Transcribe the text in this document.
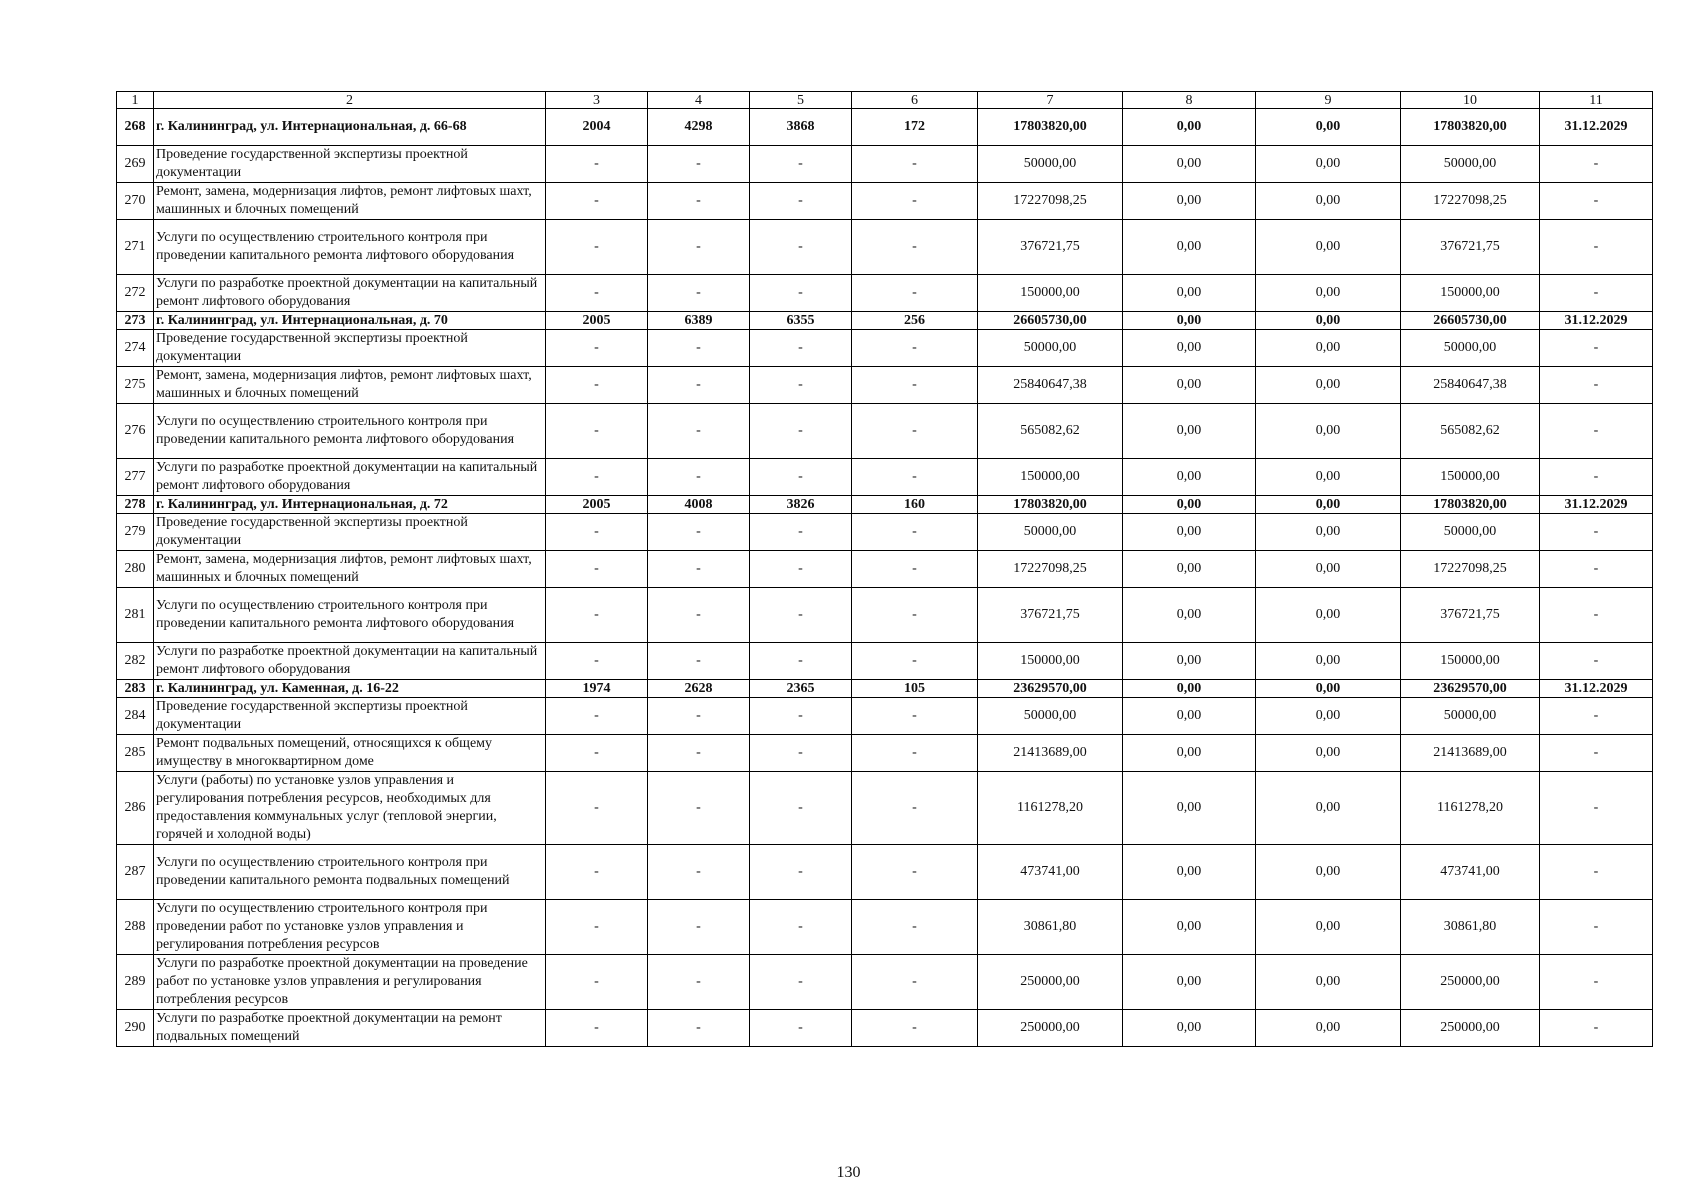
1	2	3	4	5	6	7	8	9	10	11
268	г. Калининград, ул. Интернациональная, д. 66-68	2004	4298	3868	172	17803820,00	0,00	0,00	17803820,00	31.12.2029
269	Проведение государственной экспертизы проектной документации	-	-	-	-	50000,00	0,00	0,00	50000,00	-
270	Ремонт, замена, модернизация лифтов, ремонт лифтовых шахт, машинных и блочных помещений	-	-	-	-	17227098,25	0,00	0,00	17227098,25	-
271	Услуги по осуществлению строительного контроля при проведении капитального ремонта лифтового оборудования	-	-	-	-	376721,75	0,00	0,00	376721,75	-
272	Услуги по разработке проектной документации на капитальный ремонт лифтового оборудования	-	-	-	-	150000,00	0,00	0,00	150000,00	-
273	г. Калининград, ул. Интернациональная, д. 70	2005	6389	6355	256	26605730,00	0,00	0,00	26605730,00	31.12.2029
274	Проведение государственной экспертизы проектной документации	-	-	-	-	50000,00	0,00	0,00	50000,00	-
275	Ремонт, замена, модернизация лифтов, ремонт лифтовых шахт, машинных и блочных помещений	-	-	-	-	25840647,38	0,00	0,00	25840647,38	-
276	Услуги по осуществлению строительного контроля при проведении капитального ремонта лифтового оборудования	-	-	-	-	565082,62	0,00	0,00	565082,62	-
277	Услуги по разработке проектной документации на капитальный ремонт лифтового оборудования	-	-	-	-	150000,00	0,00	0,00	150000,00	-
278	г. Калининград, ул. Интернациональная, д. 72	2005	4008	3826	160	17803820,00	0,00	0,00	17803820,00	31.12.2029
279	Проведение государственной экспертизы проектной документации	-	-	-	-	50000,00	0,00	0,00	50000,00	-
280	Ремонт, замена, модернизация лифтов, ремонт лифтовых шахт, машинных и блочных помещений	-	-	-	-	17227098,25	0,00	0,00	17227098,25	-
281	Услуги по осуществлению строительного контроля при проведении капитального ремонта лифтового оборудования	-	-	-	-	376721,75	0,00	0,00	376721,75	-
282	Услуги по разработке проектной документации на капитальный ремонт лифтового оборудования	-	-	-	-	150000,00	0,00	0,00	150000,00	-
283	г. Калининград, ул. Каменная, д. 16-22	1974	2628	2365	105	23629570,00	0,00	0,00	23629570,00	31.12.2029
284	Проведение государственной экспертизы проектной документации	-	-	-	-	50000,00	0,00	0,00	50000,00	-
285	Ремонт подвальных помещений, относящихся к общему имуществу в многоквартирном доме	-	-	-	-	21413689,00	0,00	0,00	21413689,00	-
286	Услуги (работы) по установке узлов управления и регулирования потребления ресурсов, необходимых для предоставления коммунальных услуг (тепловой энергии, горячей и холодной воды)	-	-	-	-	1161278,20	0,00	0,00	1161278,20	-
287	Услуги по осуществлению строительного контроля при проведении капитального ремонта подвальных помещений	-	-	-	-	473741,00	0,00	0,00	473741,00	-
288	Услуги по осуществлению строительного контроля при проведении работ по установке узлов управления и регулирования потребления ресурсов	-	-	-	-	30861,80	0,00	0,00	30861,80	-
289	Услуги по разработке проектной документации на проведение работ по установке узлов управления и регулирования потребления ресурсов	-	-	-	-	250000,00	0,00	0,00	250000,00	-
290	Услуги по разработке проектной документации на ремонт подвальных помещений	-	-	-	-	250000,00	0,00	0,00	250000,00	-
130
